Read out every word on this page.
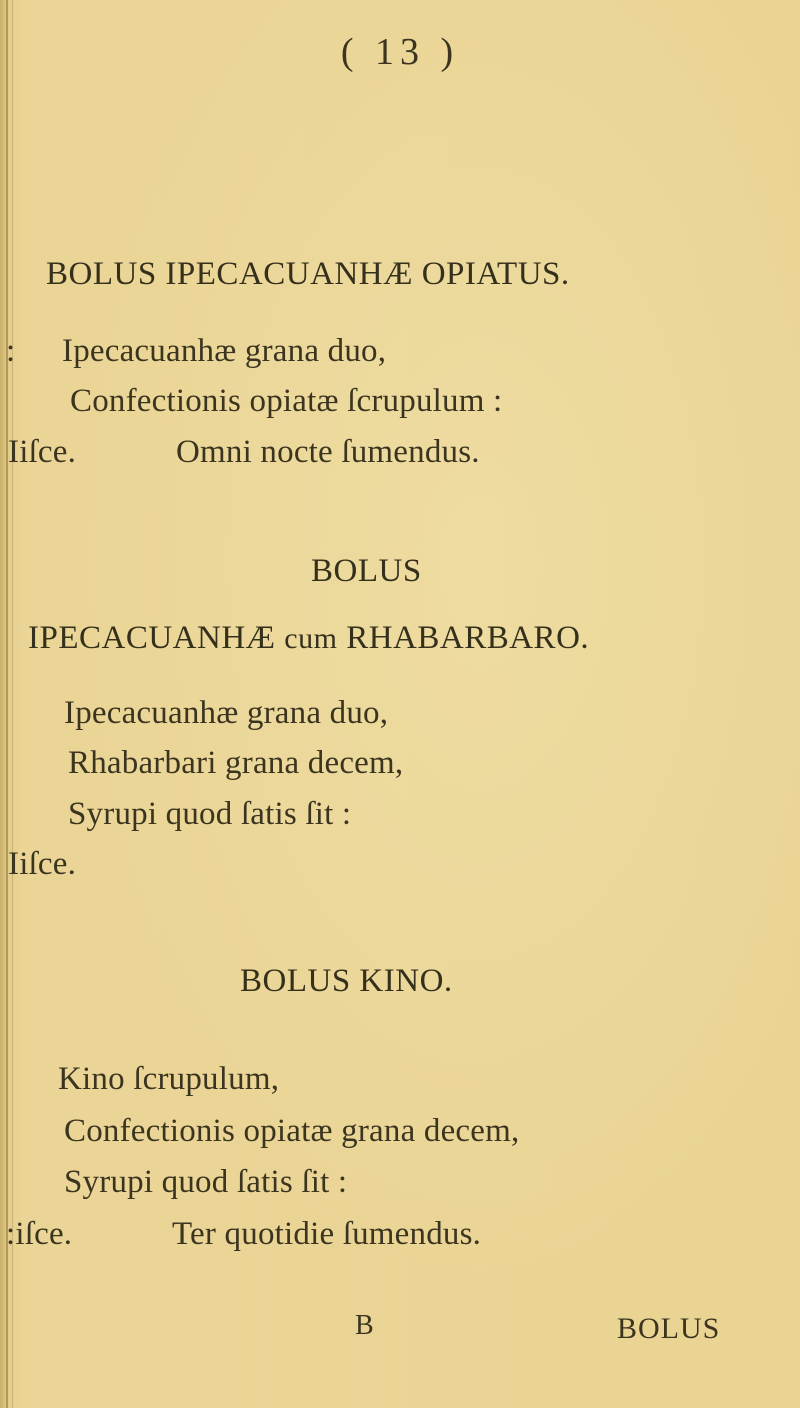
( 13 )
BOLUS IPECACUANHÆ OPIATUS.
: Ipecacuanhæ grana duo,
Confectionis opiatæ ſcrupulum :
Iiſce.	Omni nocte ſumendus.
BOLUS
IPECACUANHÆ cum RHABARBARO.
Ipecacuanhæ grana duo,
Rhabarbari grana decem,
Syrupi quod ſatis ſit :
Iiſce.
BOLUS KINO.
Kino ſcrupulum,
Confectionis opiatæ grana decem,
Syrupi quod ſatis ſit :
:iſce.	Ter quotidie ſumendus.
B	BOLUS
